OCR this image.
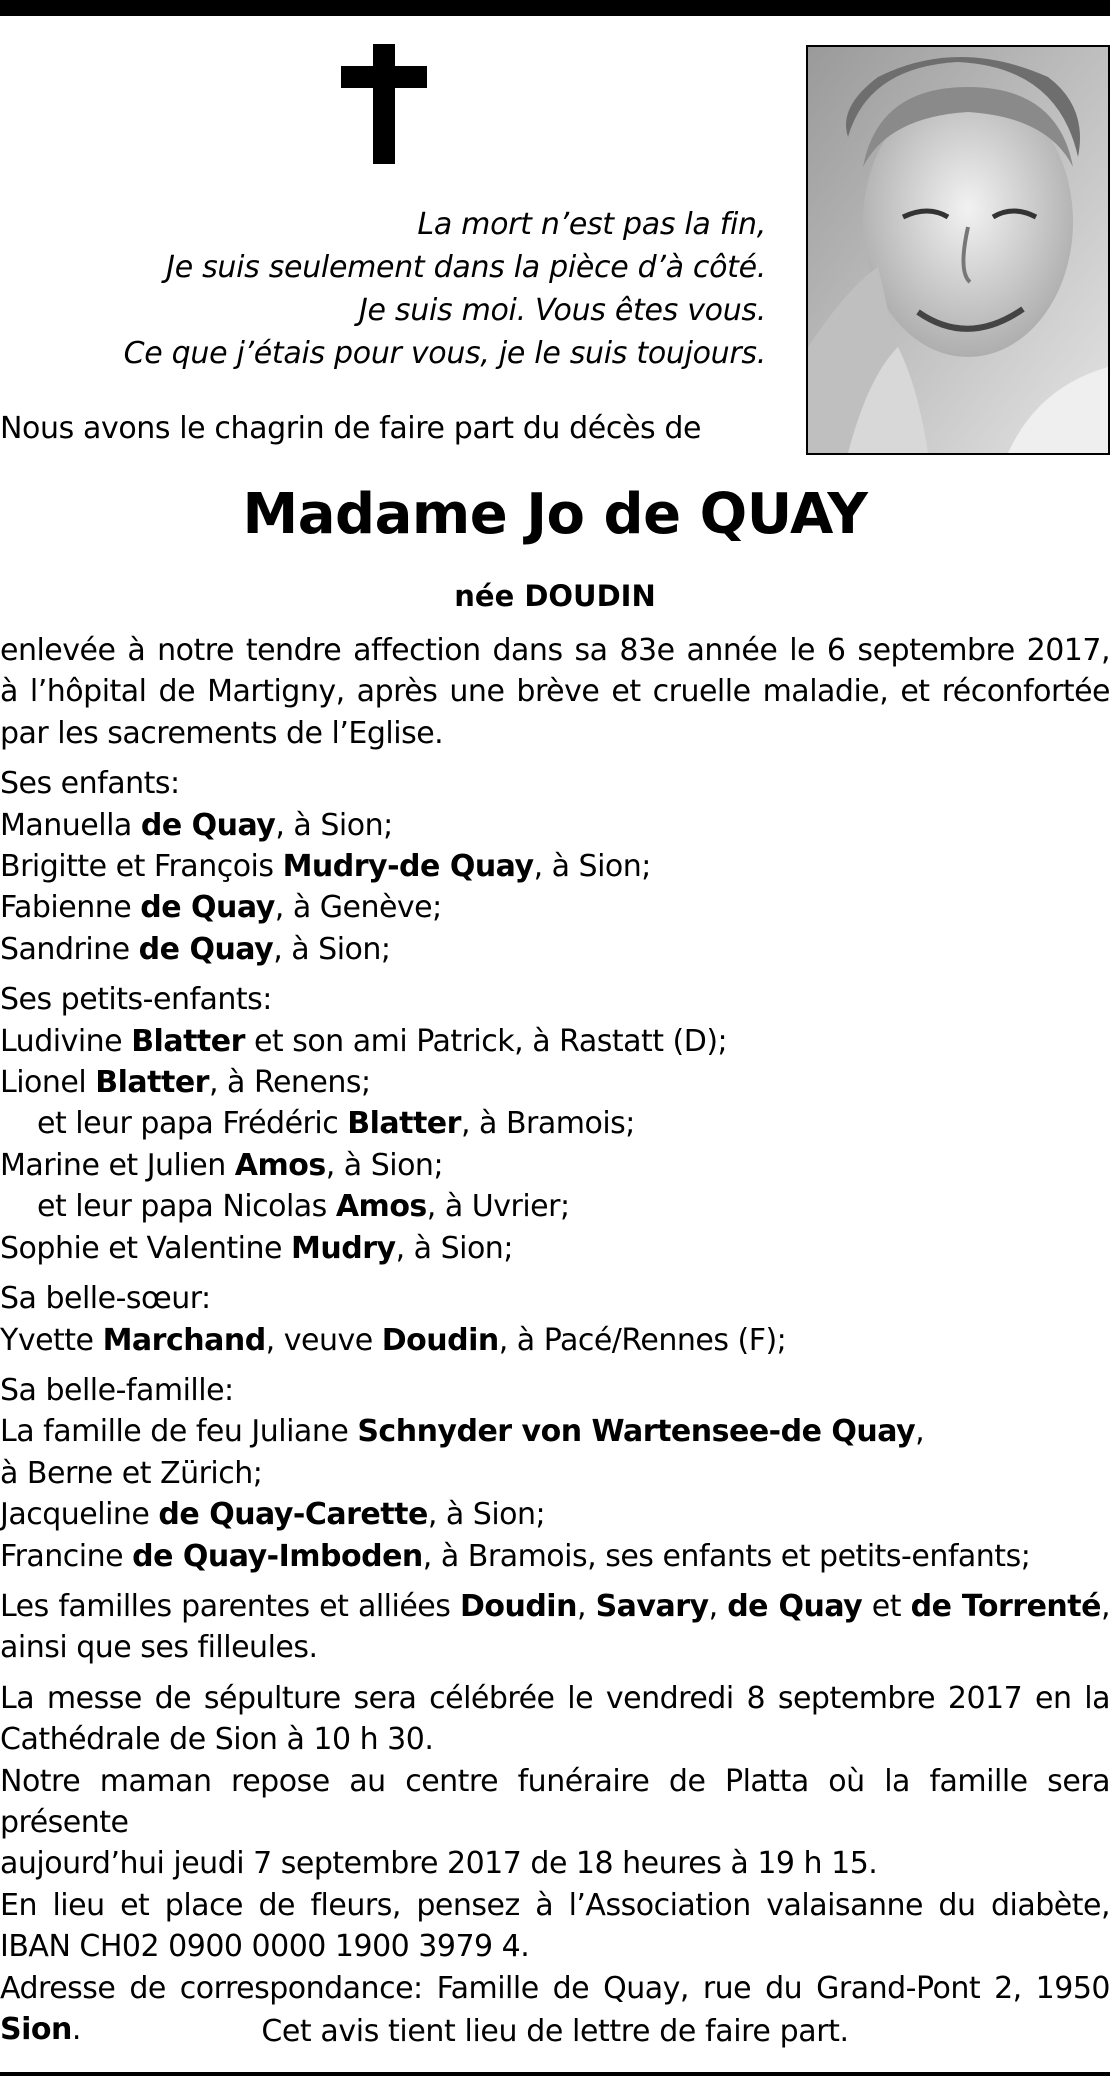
La mort n’est pas la fin,
Je suis seulement dans la pièce d’à côté.
Je suis moi. Vous êtes vous.
Ce que j’étais pour vous, je le suis toujours.
Nous avons le chagrin de faire part du décès de
Madame Jo de QUAY
née DOUDIN
enlevée à notre tendre affection dans sa 83e année le 6 septembre 2017,
à l’hôpital de Martigny, après une brève et cruelle maladie, et réconfortée
par les sacrements de l’Eglise.
Ses enfants:
Manuella de Quay, à Sion;
Brigitte et François Mudry-de Quay, à Sion;
Fabienne de Quay, à Genève;
Sandrine de Quay, à Sion;
Ses petits-enfants:
Ludivine Blatter et son ami Patrick, à Rastatt (D);
Lionel Blatter, à Renens;
et leur papa Frédéric Blatter, à Bramois;
Marine et Julien Amos, à Sion;
et leur papa Nicolas Amos, à Uvrier;
Sophie et Valentine Mudry, à Sion;
Sa belle-sœur:
Yvette Marchand, veuve Doudin, à Pacé/Rennes (F);
Sa belle-famille:
La famille de feu Juliane Schnyder von Wartensee-de Quay,
à Berne et Zürich;
Jacqueline de Quay-Carette, à Sion;
Francine de Quay-Imboden, à Bramois, ses enfants et petits-enfants;
Les familles parentes et alliées Doudin, Savary, de Quay et de Torrenté,
ainsi que ses filleules.
La messe de sépulture sera célébrée le vendredi 8 septembre 2017 en la
Cathédrale de Sion à 10 h 30.
Notre maman repose au centre funéraire de Platta où la famille sera présente
aujourd’hui jeudi 7 septembre 2017 de 18 heures à 19 h 15.
En lieu et place de fleurs, pensez à l’Association valaisanne du diabète,
IBAN CH02 0900 0000 1900 3979 4.
Adresse de correspondance: Famille de Quay, rue du Grand-Pont 2, 1950 Sion.	Cet avis tient lieu de lettre de faire part.
